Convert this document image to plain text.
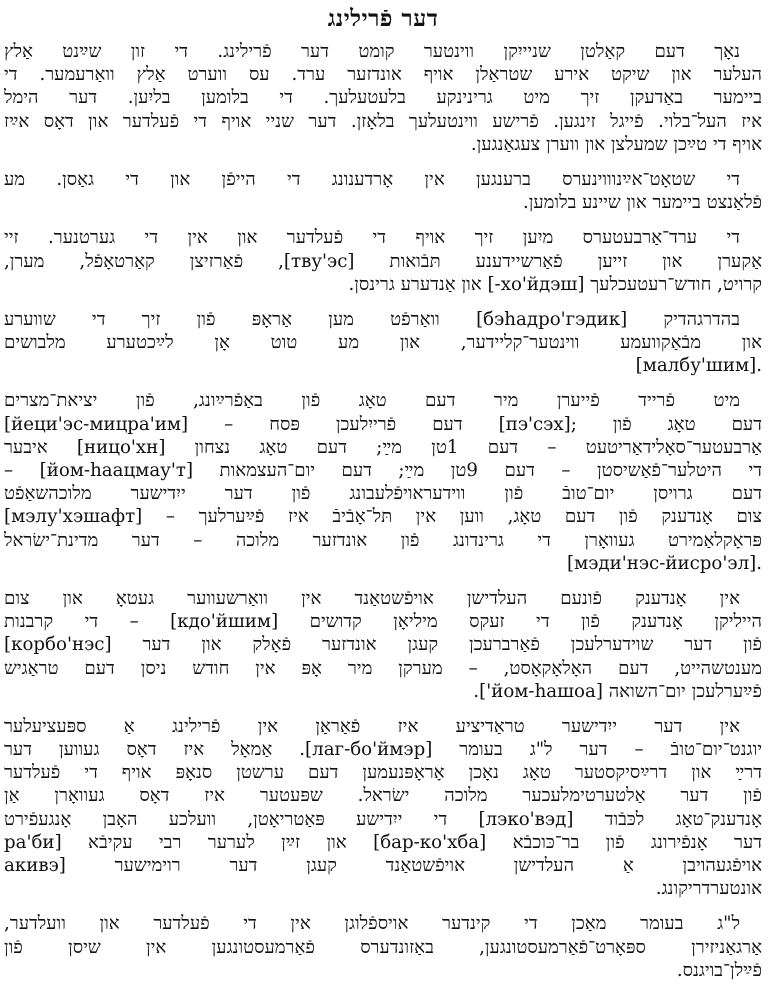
דער פֿרילינג
נאָך דעם קאַלטן שניייִקן ווינטער קומט דער פֿרילינג. די זון שײַנט אַלץ
העלער און שיקט אירע שטראַלן אויף אונדזער ערד. עס ווערט אַלץ וואַרעמער. די
ביימער באַדעקן זיך מיט גרינינקע בלעטעלעך. די בלומען בליִען. דער הימל
איז העל־בלוי. פֿייגל זינגען. פֿרישע ווינטעלעך בלאָזן. דער שניי אויף די פֿעלדער און דאָס אײַז
אויף די טײַכן שמעלצן און ווערן צעגאַנגען.
די שטאָט־אײַנוווינערס ברענגען אין אָרדענונג די הייפֿן און די גאַסן. מע
פֿלאַנצט ביימער און שיינע בלומען.
די ערד־אַרבעטערס מיִען זיך אויף די פֿעלדער און אין די גערטנער. זיי
אַקערן און זייען פֿאַרשיידענע תּבֿואות [тву'эс], פֿאַרזיצן קאַרטאָפֿל, מערן,
קרויט, חודש־רעטעכלעך [хо'йдэш-] און אַנדערע גרינסן.
בהדרגהדיק [бэhадро'гэдик] וואַרפֿט מען אַראָפּ פֿון זיך די שווערע
און מבֿאַקוועמע ווינטער־קליידער, און מע טוט אָן לײַכטערע מלבושים
[малбу'шим].
מיט פֿרייד פֿייערן מיר דעם טאָג פֿון באַפֿרײַונג, פֿון יציאת־מצרים
[йеци'эс-мицра'им] – דעם פֿרייִלעכן פּסח [пэ'сэх]; דעם טאָג פֿון
אַרבעטער־סאָלידאַריטעט – דעם 1טן מײַ; דעם טאָג נצחון [ницо'хн] איבער
די היטלער־פֿאַשיסטן – דעם 9טן מײַ; דעם יום־העצמאות [йом-hаацмау'т] –
דעם גרויסן יום־טובֿ פֿון ווידעראויפֿלעבונג פֿון דער ייִדישער מלוכהשאַפֿט
[мэлу'хэшафт] – צום אָנדענק פֿון דעם טאָג, ווען אין תּל־אָבֿיבֿ איז פֿײַערלעך
פּראָקלאַמירט געוואָרן די גרינדונג פֿון אונדזער מלוכה – דער מדינת־ישׂראל
[мэди'нэс-йисро'эл].
אין אָנדענק פֿונעם העלדישן אויפֿשטאַנד אין וואַרשעווער געטאָ און צום
הייליקן אָנדענק פֿון די זעקס מיליאָן קדושים [кдо'йшим] – די קרבנות
[корбо'нэс] פֿון דער שוידערלעכן פֿאַרברעכן קעגן אונדזער פֿאָלק און דער
מענטשהייט, דעם האָלאָקאָסט, – מערקן מיר אָפּ אין חודש ניסן דעם טראַגיש
פֿײַערלעכן יום־השואה [йом-hашоа'].
אין דער ייִדישער טראַדיציע איז פֿאַראַן אין פֿרילינג אַ ספּעציעלער
יוגנט־יום־טובֿ – דער ל"ג בעומר [лаг-бо'ймэр]. אַמאָל איז דאָס געווען דער
דרײַ און דרײַסיקסטער טאָג נאָכן אָראָפּנעמען דעם ערשטן סנאָפּ אויף די פֿעלדער
פֿון דער אַלטערטימלעכער מלוכה ישׂראל. שפּעטער איז דאָס געוואָרן אַן
אָנדענק־טאָג לכּבֿוד [лэко'вэд] די ייִדישע פּאַטריאָטן, וועלכע האָבן אָנגעפֿירט
דער אָנפֿירונג פֿון בר־כּוכבֿא [бар-ко'хба] און זײַן לערער רבי עקיבֿא [ра'би
акивэ] אויפֿגעהויבן אַ העלדישן אויפֿשטאַנד קעגן דער רוימישער
אונטערדריקונג.
ל"ג בעומר מאַכן די קינדער אויספֿלוגן אין די פֿעלדער און וועלדער,
אַרגאַניזירן ספּאָרט־פֿאַרמעסטונגען, באַזונדערס פֿאַרמעסטונגען אין שיסן פֿון
פֿײַלן־בויגנס.
